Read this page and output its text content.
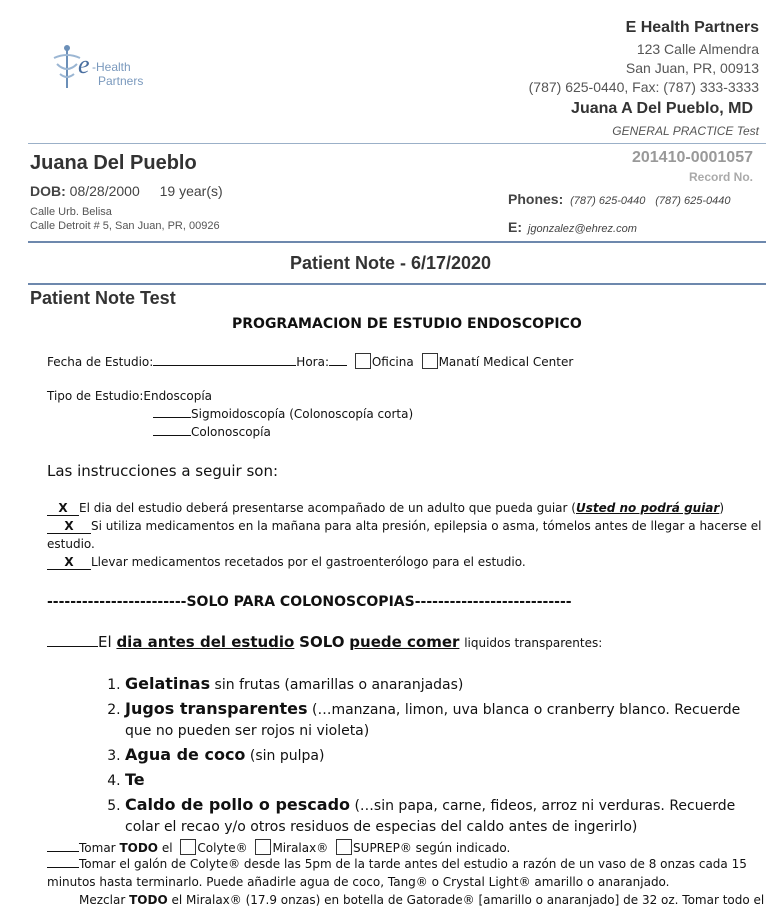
e -Health
Partners
E Health Partners
123 Calle Almendra
San Juan, PR, 00913
(787) 625-0440, Fax: (787) 333-3333
Juana A Del Pueblo, MD
GENERAL PRACTICE Test
Juana Del Pueblo
DOB: 08/28/2000 19 year(s)
Calle Urb. Belisa
Calle Detroit # 5, San Juan, PR, 00926
201410-0001057
Record No.
Phones: (787) 625-0440 (787) 625-0440
E: jgonzalez@ehrez.com
Patient Note - 6/17/2020
Patient Note Test
PROGRAMACION DE ESTUDIO ENDOSCOPICO
Fecha de Estudio:	Hora:	Oficina Manatí Medical Center
Tipo de Estudio:Endoscopía
Sigmoidoscopía (Colonoscopía corta)
Colonoscopía
Las instrucciones a seguir son:
X El dia del estudio deberá presentarse acompañado de un adulto que pueda guiar (Usted no podrá guiar)
X Si utiliza medicamentos en la mañana para alta presión, epilepsia o asma, tómelos antes de llegar a hacerse el
estudio.
X Llevar medicamentos recetados por el gastroenterólogo para el estudio.
------------------------SOLO PARA COLONOSCOPIAS---------------------------
El dia antes del estudio SOLO puede comer liquidos transparentes:
1. Gelatinas sin frutas (amarillas o anaranjadas)
2. Jugos transparentes (…manzana, limon, uva blanca o cranberry blanco. Recuerde que no pueden ser rojos ni violeta)
3. Agua de coco (sin pulpa)
4. Te
5. Caldo de pollo o pescado (…sin papa, carne, fideos, arroz ni verduras. Recuerde colar el recao y/o otros residuos de especias del caldo antes de ingerirlo)
Tomar TODO el Colyte® Miralax® SUPREP® según indicado.
Tomar el galón de Colyte® desde las 5pm de la tarde antes del estudio a razón de un vaso de 8 onzas cada 15
minutos hasta terminarlo. Puede añadirle agua de coco, Tang® o Crystal Light® amarillo o anaranjado.
Mezclar TODO el Miralax® (17.9 onzas) en botella de Gatorade® [amarillo o anaranjado] de 32 oz. Tomar todo el
